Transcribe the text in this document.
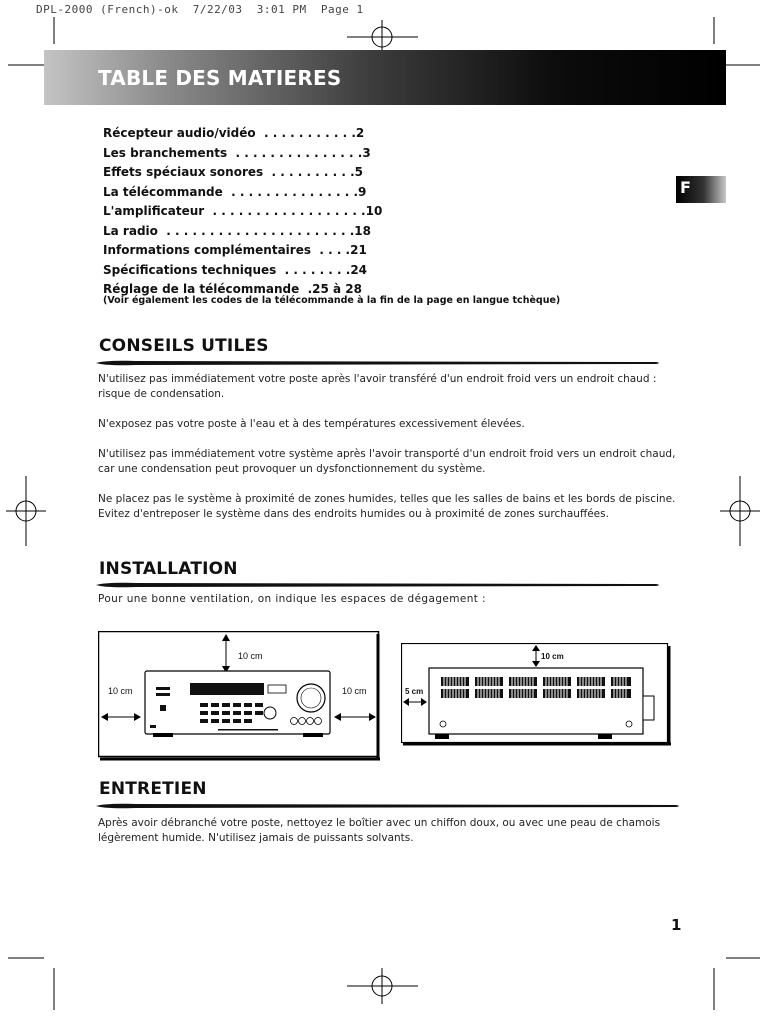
DPL-2000 (French)-ok  7/22/03  3:01 PM  Page 1
TABLE DES MATIERES
F
Récepteur audio/vidéo  . . . . . . . . . . .2
Les branchements  . . . . . . . . . . . . . . .3
Effets spéciaux sonores  . . . . . . . . . .5
La télécommande  . . . . . . . . . . . . . . .9
L'amplificateur  . . . . . . . . . . . . . . . . . .10
La radio  . . . . . . . . . . . . . . . . . . . . . .18
Informations complémentaires  . . . .21
Spécifications techniques  . . . . . . . .24
Réglage de la télécommande  .25 à 28
(Voir également les codes de la télécommande à la fin de la page en langue tchèque)
CONSEILS UTILES
N'utilisez pas immédiatement votre poste après l'avoir transféré d'un endroit froid vers un endroit chaud : risque de condensation.
N'exposez pas votre poste à l'eau et à des températures excessivement élevées.
N'utilisez pas immédiatement votre système après l'avoir transporté d'un endroit froid vers un endroit chaud, car une condensation peut provoquer un dysfonctionnement du système.
Ne placez pas le système à proximité de zones humides, telles que les salles de bains et les bords de piscine. Evitez d'entreposer le système dans des endroits humides ou à proximité de zones surchauffées.
INSTALLATION
Pour une bonne ventilation, on indique les espaces de dégagement :
10 cm
10 cm	10 cm
10 cm
5 cm
ENTRETIEN
Après avoir débranché votre poste, nettoyez le boîtier avec un chiffon doux, ou avec une peau de chamois légèrement humide. N'utilisez jamais de puissants solvants.
1
